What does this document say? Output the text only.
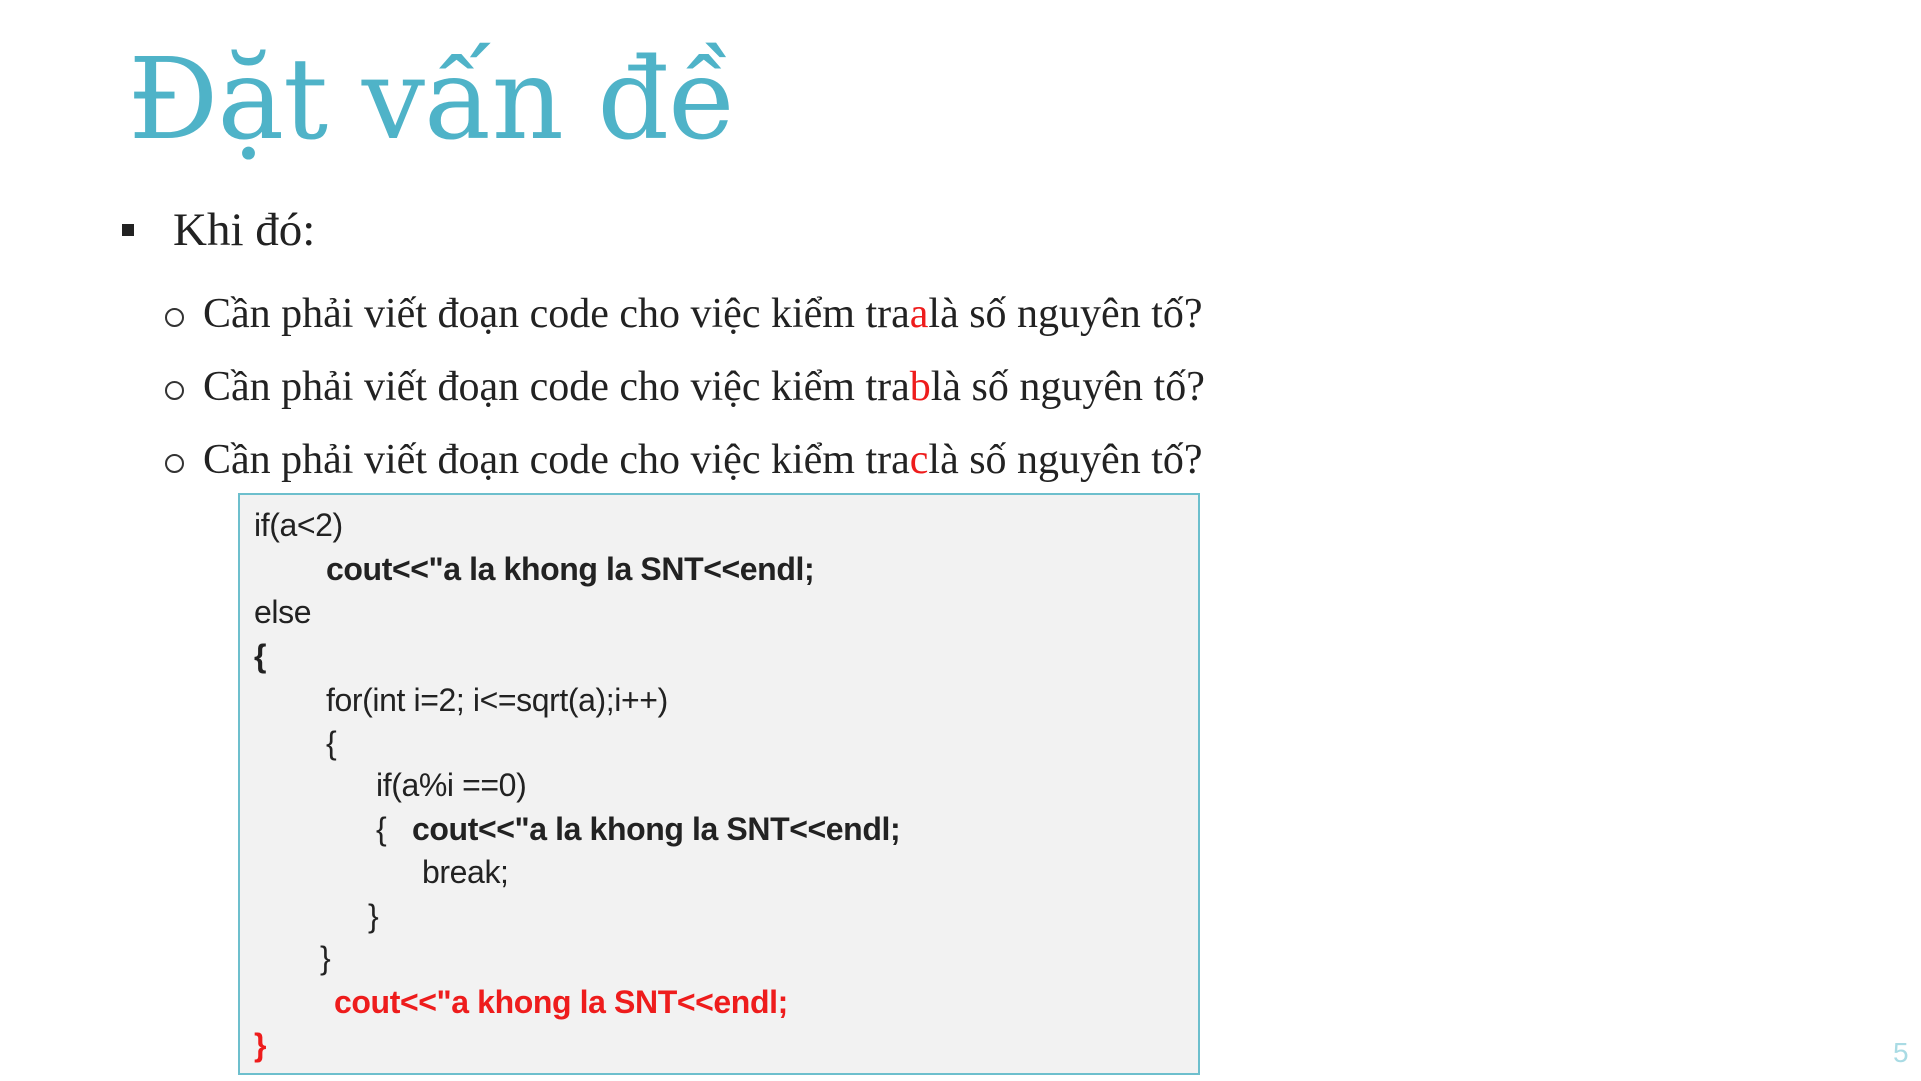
Đặt vấn đề
Khi đó:
Cần phải viết đoạn code cho việc kiểm tra a là số nguyên tố?
Cần phải viết đoạn code cho việc kiểm tra b là số nguyên tố?
Cần phải viết đoạn code cho việc kiểm tra c là số nguyên tố?
if(a<2)
cout<<"a la khong la SNT<<endl;
else
{
for(int i=2; i<=sqrt(a);i++)
{
if(a%i ==0)
{ cout<<"a la khong la SNT<<endl;
break;
}
}
cout<<"a khong la SNT<<endl;
}	5
